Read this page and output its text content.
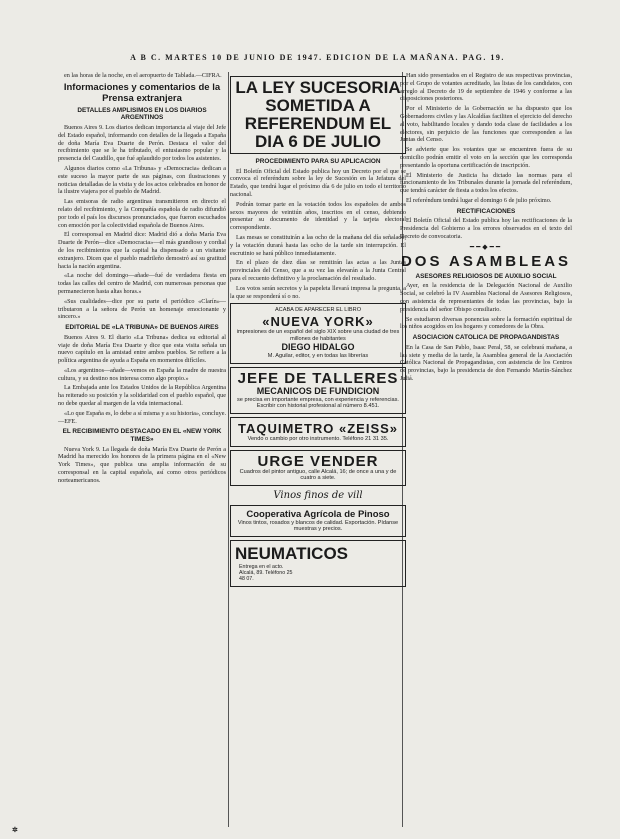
A B C. MARTES 10 DE JUNIO DE 1947. EDICION DE LA MAÑANA. PAG. 19.

en las horas de la noche, en el aeropuerto de Tablada.—CIFRA.

Informaciones y comentarios de la Prensa extranjera
DETALLES AMPLISIMOS EN LOS DIARIOS ARGENTINOS

Buenos Aires 9. Los diarios dedican importancia al viaje del Jefe del Estado español, informando con detalles de la llegada a España de doña María Eva Duarte de Perón. Destaca el valor del recibimiento que se le ha tributado, el entusiasmo popular y la presencia del Caudillo, que fué aplaudido por todos los asistentes.

Algunos diarios como «La Tribuna» y «Democracia» dedican a este suceso la mayor parte de sus páginas, con ilustraciones y noticias detalladas de la visita y de los actos celebrados en honor de la ilustre viajera por el pueblo de Madrid.

Las emisoras de radio argentinas transmitieron en directo el relato del recibimiento, y la Compañía española de radio difundió por todo el país los discursos pronunciados, que fueron escuchados con emoción por la colectividad española de Buenos Aires.

El corresponsal en Madrid dice: Madrid dió a doña María Eva Duarte de Perón—dice «Democracia»—el más grandioso y cordial de los recibimientos que la capital ha dispensado a un visitante extranjero. Dicen que el pueblo madrileño demostró así su gratitud hacia la nación argentina.

«La noche del domingo—añade—fué de verdadera fiesta en todas las calles del centro de Madrid, con numerosas personas que permanecieron hasta altas horas.»

«Sus cualidades—dice por su parte el periódico «Clarín»—tributaron a la señora de Perón un homenaje emocionante y sincero.»

EDITORIAL DE «LA TRIBUNA» DE BUENOS AIRES

Buenos Aires 9. El diario «La Tribuna» dedica su editorial al viaje de doña María Eva Duarte y dice que esta visita señala un nuevo capítulo en la amistad entre ambos pueblos. Se refiere a la política argentina de ayuda a España en momentos difíciles.

«Los argentinos—añade—vemos en España la madre de nuestra cultura, y su destino nos interesa como algo propio.»

La Embajada ante los Estados Unidos de la República Argentina ha reiterado su posición y la solidaridad con el pueblo español, que no debe quedar al margen de la vida internacional.

«Lo que España es, lo debe a sí misma y a su historia», concluye.—EFE.

EL RECIBIMIENTO DESTACADO EN EL «NEW YORK TIMES»

Nueva York 9. La llegada de doña María Eva Duarte de Perón a Madrid ha merecido los honores de la primera página en el «New York Times», que publica una amplia información de su corresponsal en la capital española, así como otros periódicos norteamericanos.

LA LEY SUCESORIA SOMETIDA A REFERENDUM EL DIA 6 DE JULIO
PROCEDIMIENTO PARA SU APLICACION

El Boletín Oficial del Estado publica hoy un Decreto por el que se convoca el referéndum sobre la ley de Sucesión en la Jefatura del Estado, que tendrá lugar el próximo día 6 de julio en todo el territorio nacional.

Podrán tomar parte en la votación todos los españoles de ambos sexos mayores de veintiún años, inscritos en el censo, debiendo presentar su documento de identidad y la tarjeta electoral correspondiente.

Las mesas se constituirán a las ocho de la mañana del día señalado, y la votación durará hasta las ocho de la tarde sin interrupción. El escrutinio se hará público inmediatamente.

En el plazo de diez días se remitirán las actas a las Juntas provinciales del Censo, que a su vez las elevarán a la Junta Central para el recuento definitivo y la proclamación del resultado.

Los votos serán secretos y la papeleta llevará impresa la pregunta, a la que se responderá sí o no.

ACABA DE APARECER EL LIBRO
«NUEVA YORK»
impresiones de un español del siglo XIX sobre una ciudad de tres millones de habitantes
DIEGO HIDALGO
M. Aguilar, editor, y en todas las librerías
JEFE DE TALLERES
MECANICOS DE FUNDICION
se precisa en importante empresa, con experiencia y referencias. Escribir con historial profesional al número 8.451.
TAQUIMETRO «ZEISS»
Vendo o cambio por otro instrumento. Teléfono 21 31 35.
URGE VENDER
Cuadros del pintor antiguo, calle Alcalá, 16; de once a una y de cuatro a siete.
Vinos finos de vill
Cooperativa Agrícola de Pinoso
Vinos tintos, rosados y blancos de calidad. Exportación. Pídanse muestras y precios.
NEUMATICOS Entrega en el acto. Alcalá, 89. Teléfono 25 48 07.

Han sido presentados en el Registro de sus respectivas provincias, por el Grupo de votantes acreditado, las listas de los candidatos, con arreglo al Decreto de 19 de septiembre de 1946 y conforme a las disposiciones posteriores.

Por el Ministerio de la Gobernación se ha dispuesto que los Gobernadores civiles y las Alcaldías faciliten el ejercicio del derecho al voto, habilitando locales y dando toda clase de facilidades a los electores, sin perjuicio de las funciones que corresponden a las Juntas del Censo.

Se advierte que los votantes que se encuentren fuera de su domicilio podrán emitir el voto en la sección que les corresponda presentando la oportuna certificación de inscripción.

El Ministerio de Justicia ha dictado las normas para el funcionamiento de los Tribunales durante la jornada del referéndum, que tendrá carácter de fiesta a todos los efectos.

El referéndum tendrá lugar el domingo 6 de julio próximo.

RECTIFICACIONES

El Boletín Oficial del Estado publica hoy las rectificaciones de la Presidencia del Gobierno a los errores observados en el texto del Decreto de convocatoria.

━━◆━━
DOS ASAMBLEAS
ASESORES RELIGIOSOS DE AUXILIO SOCIAL

Ayer, en la residencia de la Delegación Nacional de Auxilio Social, se celebró la IV Asamblea Nacional de Asesores Religiosos, con asistencia de representantes de todas las provincias, bajo la presidencia del señor Obispo consiliario.

Se estudiaron diversas ponencias sobre la formación espiritual de los niños acogidos en los hogares y comedores de la Obra.

ASOCIACION CATOLICA DE PROPAGANDISTAS

En la Casa de San Pablo, Isaac Peral, 58, se celebrará mañana, a las siete y media de la tarde, la Asamblea general de la Asociación Católica Nacional de Propagandistas, con asistencia de los Centros de provincias, bajo la presidencia de don Fernando Martín-Sánchez Juliá.

✲
